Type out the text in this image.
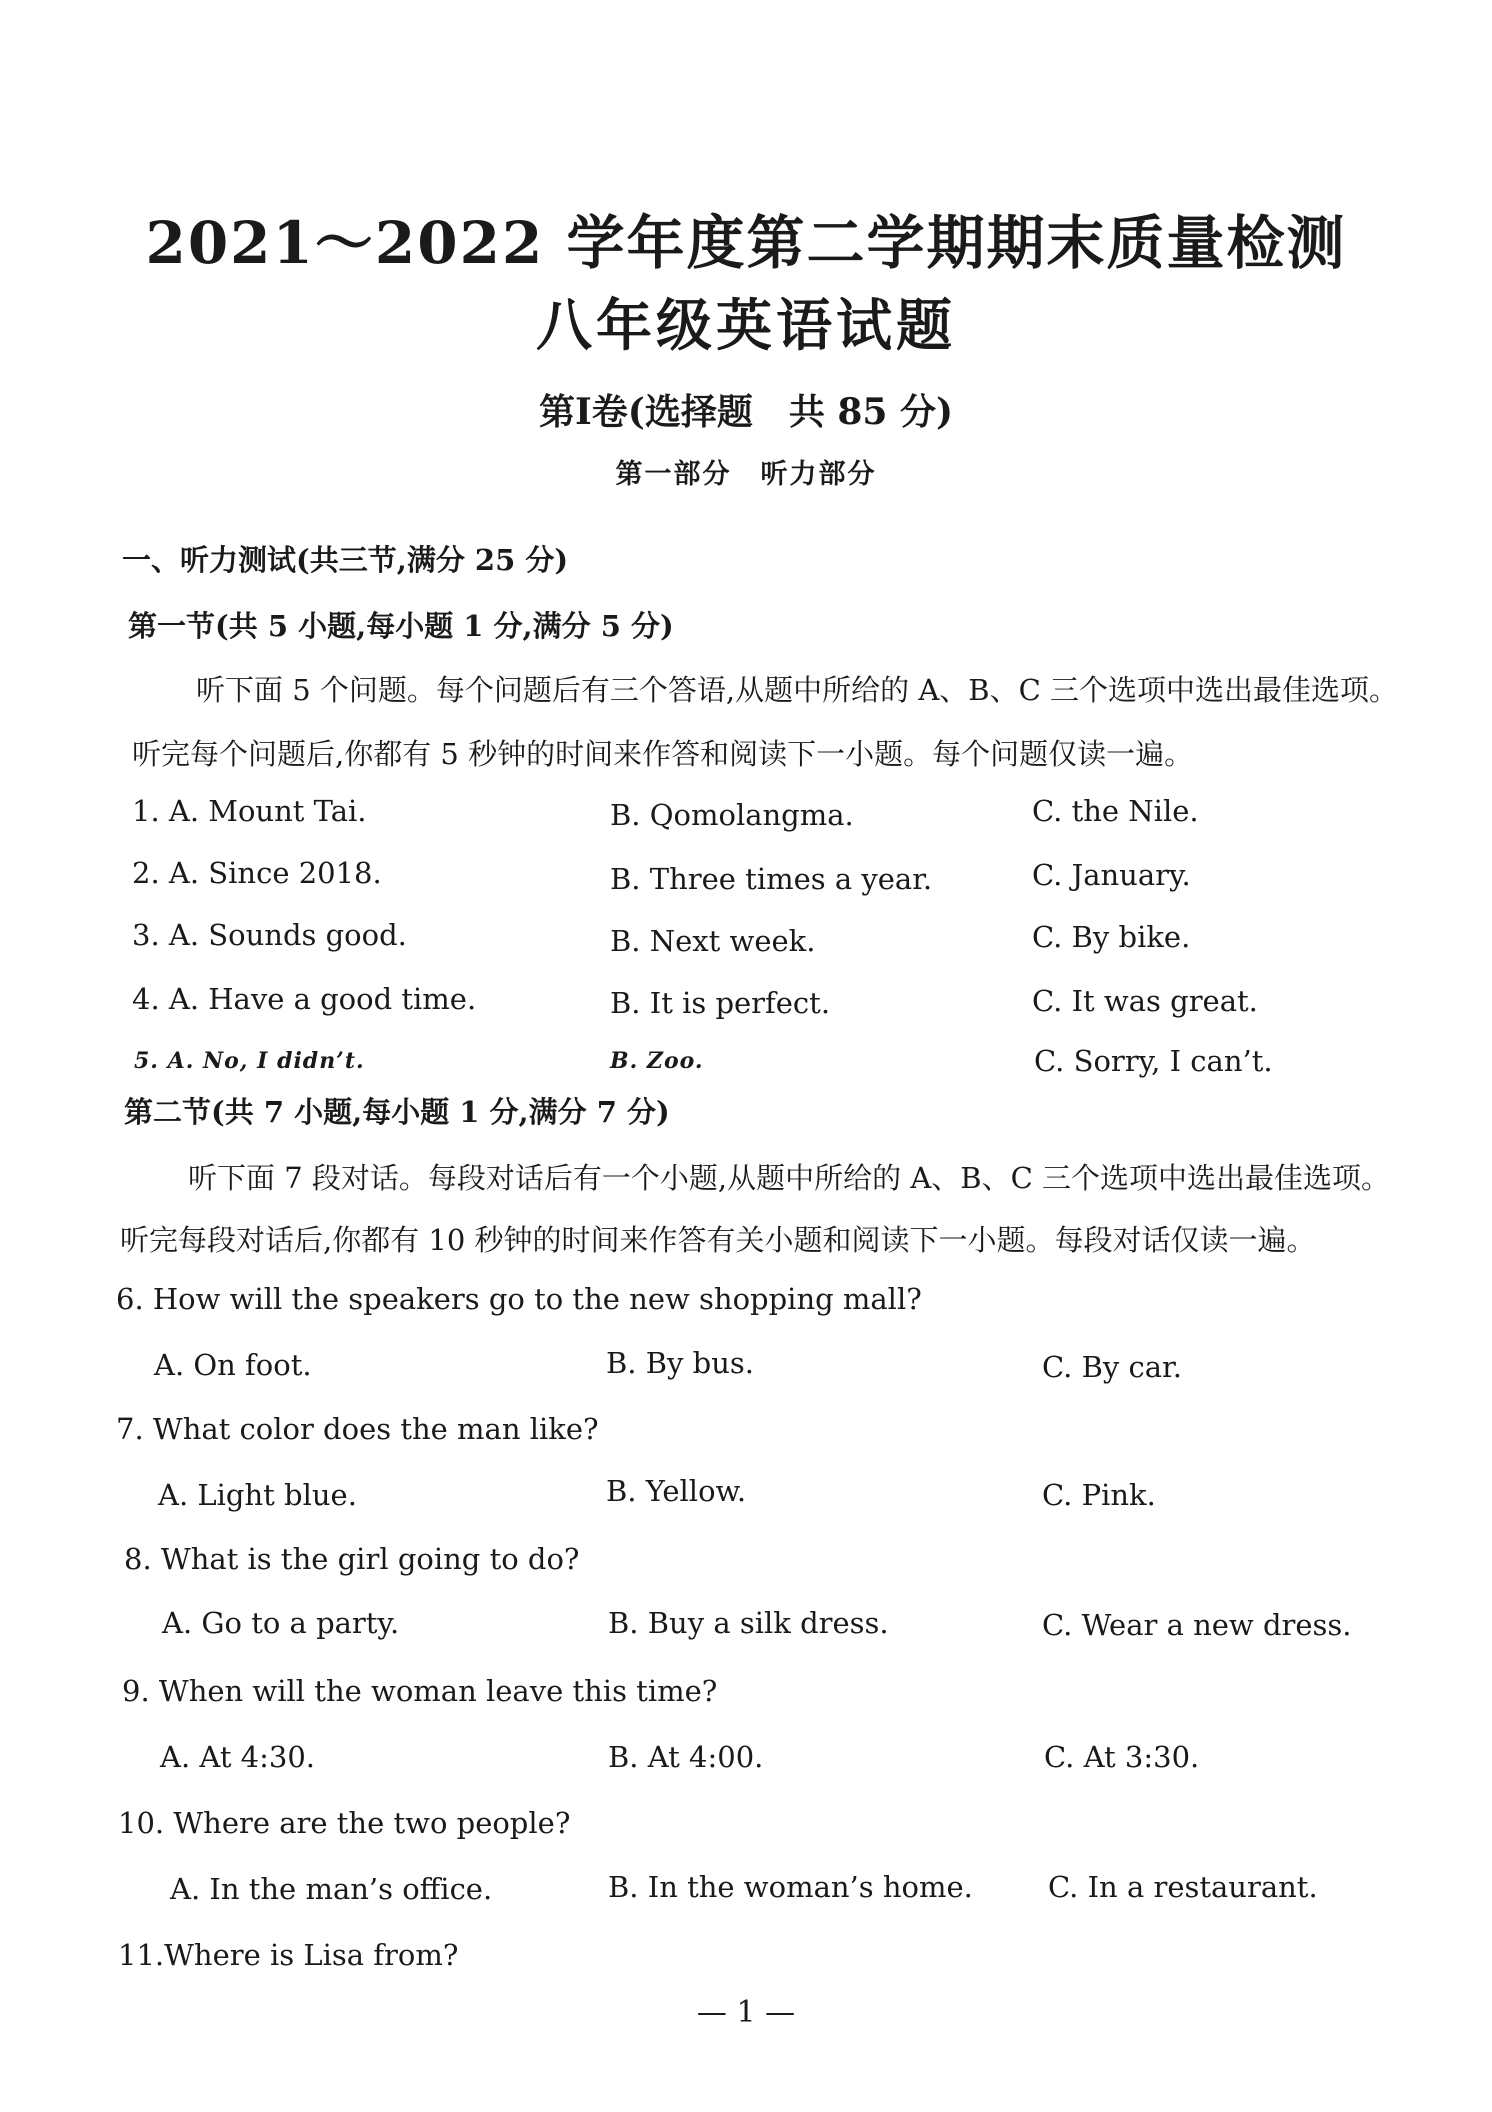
2021～2022 学年度第二学期期末质量检测
八年级英语试题
第Ⅰ卷(选择题　共 85 分)
第一部分　听力部分
一、听力测试(共三节,满分 25 分)
第一节(共 5 小题,每小题 1 分,满分 5 分)
听下面 5 个问题。每个问题后有三个答语,从题中所给的 A、B、C 三个选项中选出最佳选项。
听完每个问题后,你都有 5 秒钟的时间来作答和阅读下一小题。每个问题仅读一遍。
1. A. Mount Tai.	B. Qomolangma.	C. the Nile.
2. A. Since 2018.	B. Three times a year.	C. January.
3. A. Sounds good.	B. Next week.	C. By bike.
4. A. Have a good time.	B. It is perfect.	C. It was great.
5. A. No, I didn’t.	B. Zoo.	C. Sorry, I can’t.
第二节(共 7 小题,每小题 1 分,满分 7 分)
听下面 7 段对话。每段对话后有一个小题,从题中所给的 A、B、C 三个选项中选出最佳选项。
听完每段对话后,你都有 10 秒钟的时间来作答有关小题和阅读下一小题。每段对话仅读一遍。
6. How will the speakers go to the new shopping mall?
A. On foot.	B. By bus.	C. By car.
7. What color does the man like?
A. Light blue.	B. Yellow.	C. Pink.
8. What is the girl going to do?
A. Go to a party.	B. Buy a silk dress.	C. Wear a new dress.
9. When will the woman leave this time?
A. At 4:30.	B. At 4:00.	C. At 3:30.
10. Where are the two people?
A. In the man’s office.	B. In the woman’s home.	C. In a restaurant.
11.Where is Lisa from?
— 1 —
